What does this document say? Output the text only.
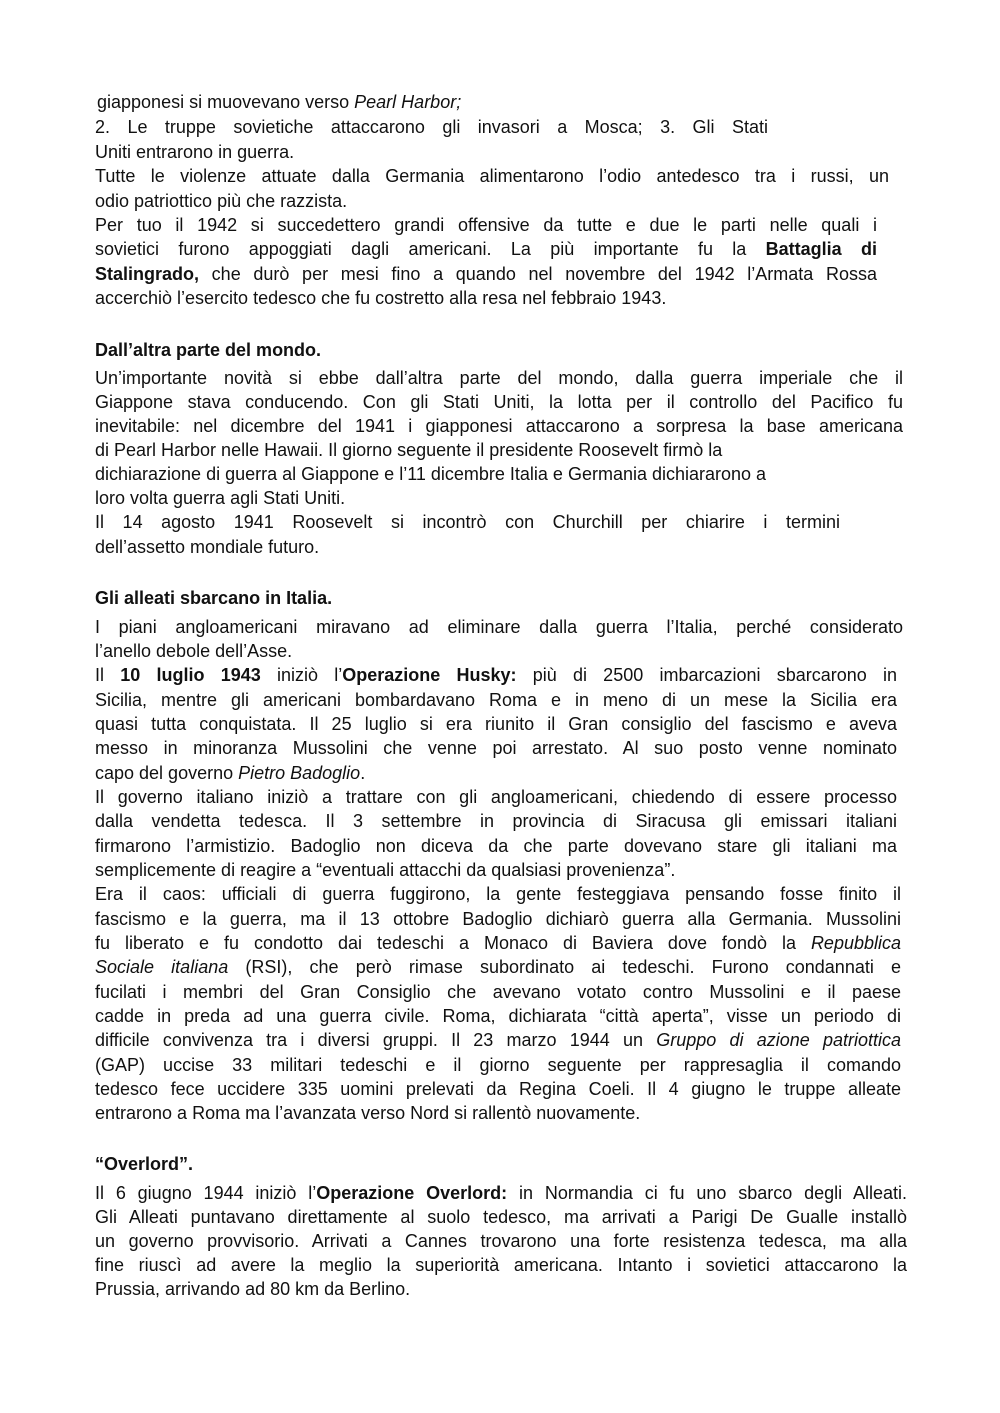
giapponesi si muovevano verso Pearl Harbor;
2. Le truppe sovietiche attaccarono gli invasori a Mosca; 3. Gli Stati
Uniti entrarono in guerra.
Tutte le violenze attuate dalla Germania alimentarono l’odio antedesco tra i russi, un
odio patriottico più che razzista.
Per tuo il 1942 si succedettero grandi offensive da tutte e due le parti nelle quali i
sovietici furono appoggiati dagli americani. La più importante fu la Battaglia di
Stalingrado, che durò per mesi fino a quando nel novembre del 1942 l’Armata Rossa
accerchiò l’esercito tedesco che fu costretto alla resa nel febbraio 1943.
Dall’altra parte del mondo.
Un’importante novità si ebbe dall’altra parte del mondo, dalla guerra imperiale che il
Giappone stava conducendo. Con gli Stati Uniti, la lotta per il controllo del Pacifico fu
inevitabile: nel dicembre del 1941 i giapponesi attaccarono a sorpresa la base americana
di Pearl Harbor nelle Hawaii. Il giorno seguente il presidente Roosevelt firmò la
dichiarazione di guerra al Giappone e l’11 dicembre Italia e Germania dichiararono a
loro volta guerra agli Stati Uniti.
Il 14 agosto 1941 Roosevelt si incontrò con Churchill per chiarire i termini
dell’assetto mondiale futuro.
Gli alleati sbarcano in Italia.
I piani angloamericani miravano ad eliminare dalla guerra l’Italia, perché considerato
l’anello debole dell’Asse.
Il 10 luglio 1943 iniziò l’Operazione Husky: più di 2500 imbarcazioni sbarcarono in
Sicilia, mentre gli americani bombardavano Roma e in meno di un mese la Sicilia era
quasi tutta conquistata. Il 25 luglio si era riunito il Gran consiglio del fascismo e aveva
messo in minoranza Mussolini che venne poi arrestato. Al suo posto venne nominato
capo del governo Pietro Badoglio.
Il governo italiano iniziò a trattare con gli angloamericani, chiedendo di essere processo
dalla vendetta tedesca. Il 3 settembre in provincia di Siracusa gli emissari italiani
firmarono l’armistizio. Badoglio non diceva da che parte dovevano stare gli italiani ma
semplicemente di reagire a “eventuali attacchi da qualsiasi provenienza”.
Era il caos: ufficiali di guerra fuggirono, la gente festeggiava pensando fosse finito il
fascismo e la guerra, ma il 13 ottobre Badoglio dichiarò guerra alla Germania. Mussolini
fu liberato e fu condotto dai tedeschi a Monaco di Baviera dove fondò la Repubblica
Sociale italiana (RSI), che però rimase subordinato ai tedeschi. Furono condannati e
fucilati i membri del Gran Consiglio che avevano votato contro Mussolini e il paese
cadde in preda ad una guerra civile. Roma, dichiarata “città aperta”, visse un periodo di
difficile convivenza tra i diversi gruppi. Il 23 marzo 1944 un Gruppo di azione patriottica
(GAP) uccise 33 militari tedeschi e il giorno seguente per rappresaglia il comando
tedesco fece uccidere 335 uomini prelevati da Regina Coeli. Il 4 giugno le truppe alleate
entrarono a Roma ma l’avanzata verso Nord si rallentò nuovamente.
“Overlord”.
Il 6 giugno 1944 iniziò l’Operazione Overlord: in Normandia ci fu uno sbarco degli Alleati.
Gli Alleati puntavano direttamente al suolo tedesco, ma arrivati a Parigi De Gualle installò
un governo provvisorio. Arrivati a Cannes trovarono una forte resistenza tedesca, ma alla
fine riuscì ad avere la meglio la superiorità americana. Intanto i sovietici attaccarono la
Prussia, arrivando ad 80 km da Berlino.
